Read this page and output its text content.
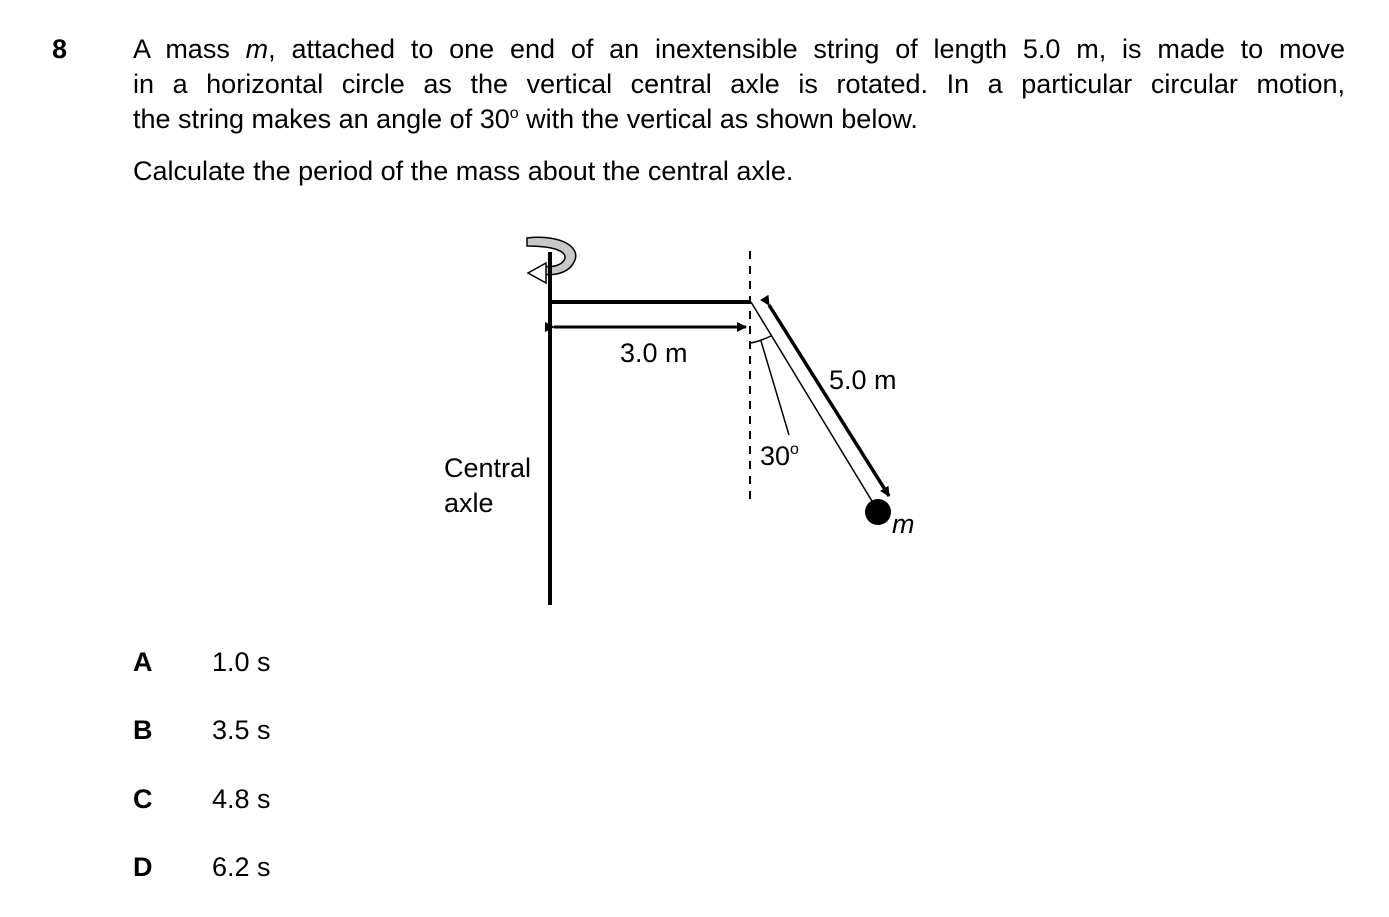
8 A mass m, attached to one end of an inextensible string of length 5.0 m, is made to move
in a horizontal circle as the vertical central axle is rotated. In a particular circular motion,
the string makes an angle of 30$^o$ with the vertical as shown below.
Calculate the period of the mass about the central axle.
3.0 m
5.0 m
30$^o$
Central
axle
m
A 1.0 s
B 3.5 s
C 4.8 s
D 6.2 s
